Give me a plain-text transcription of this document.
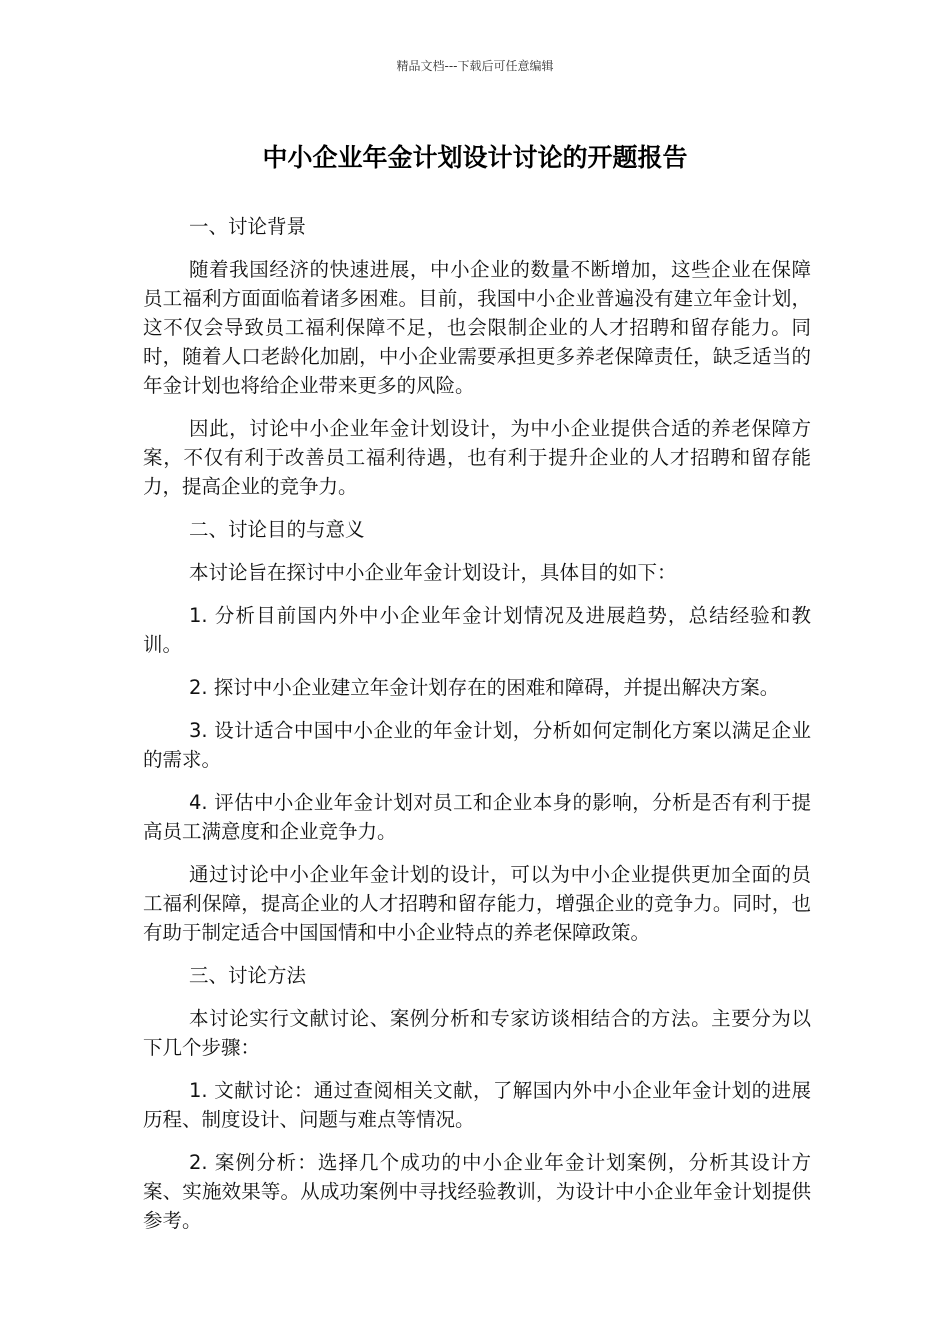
精品文档---下载后可任意编辑
中小企业年金计划设计讨论的开题报告

一、讨论背景

随着我国经济的快速进展，中小企业的数量不断增加，这些企业在保障员工福利方面面临着诸多困难。目前，我国中小企业普遍没有建立年金计划，这不仅会导致员工福利保障不足，也会限制企业的人才招聘和留存能力。同时，随着人口老龄化加剧，中小企业需要承担更多养老保障责任，缺乏适当的年金计划也将给企业带来更多的风险。

因此，讨论中小企业年金计划设计，为中小企业提供合适的养老保障方案，不仅有利于改善员工福利待遇，也有利于提升企业的人才招聘和留存能力，提高企业的竞争力。

二、讨论目的与意义

本讨论旨在探讨中小企业年金计划设计，具体目的如下：

1. 分析目前国内外中小企业年金计划情况及进展趋势，总结经验和教训。

2. 探讨中小企业建立年金计划存在的困难和障碍，并提出解决方案。

3. 设计适合中国中小企业的年金计划，分析如何定制化方案以满足企业的需求。

4. 评估中小企业年金计划对员工和企业本身的影响，分析是否有利于提高员工满意度和企业竞争力。

通过讨论中小企业年金计划的设计，可以为中小企业提供更加全面的员工福利保障，提高企业的人才招聘和留存能力，增强企业的竞争力。同时，也有助于制定适合中国国情和中小企业特点的养老保障政策。

三、讨论方法

本讨论实行文献讨论、案例分析和专家访谈相结合的方法。主要分为以下几个步骤：

1. 文献讨论：通过查阅相关文献，了解国内外中小企业年金计划的进展历程、制度设计、问题与难点等情况。

2. 案例分析：选择几个成功的中小企业年金计划案例，分析其设计方案、实施效果等。从成功案例中寻找经验教训，为设计中小企业年金计划提供参考。
